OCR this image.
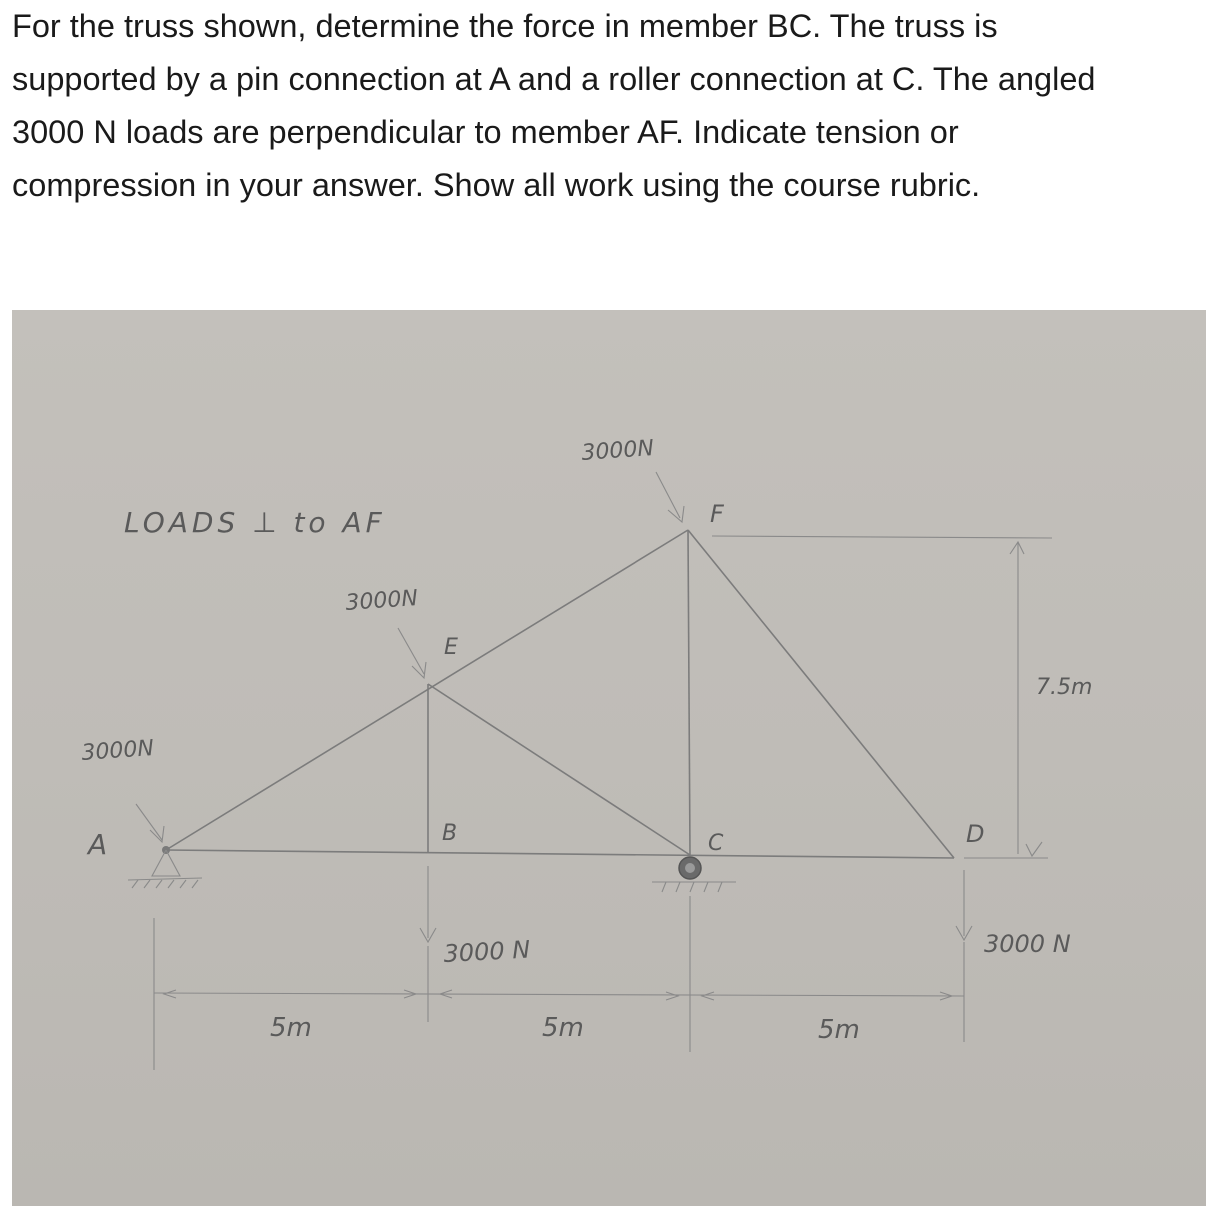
For the truss shown, determine the force in member BC. The truss is
supported by a pin connection at A and a roller connection at C. The angled
3000 N loads are perpendicular to member AF. Indicate tension or
compression in your answer. Show all work using the course rubric.

LOADS ⊥ to AF
A	B	C	D
E
F
3000N
3000N
3000N
3000 N	3000 N
5m	5m	5m
7.5m
